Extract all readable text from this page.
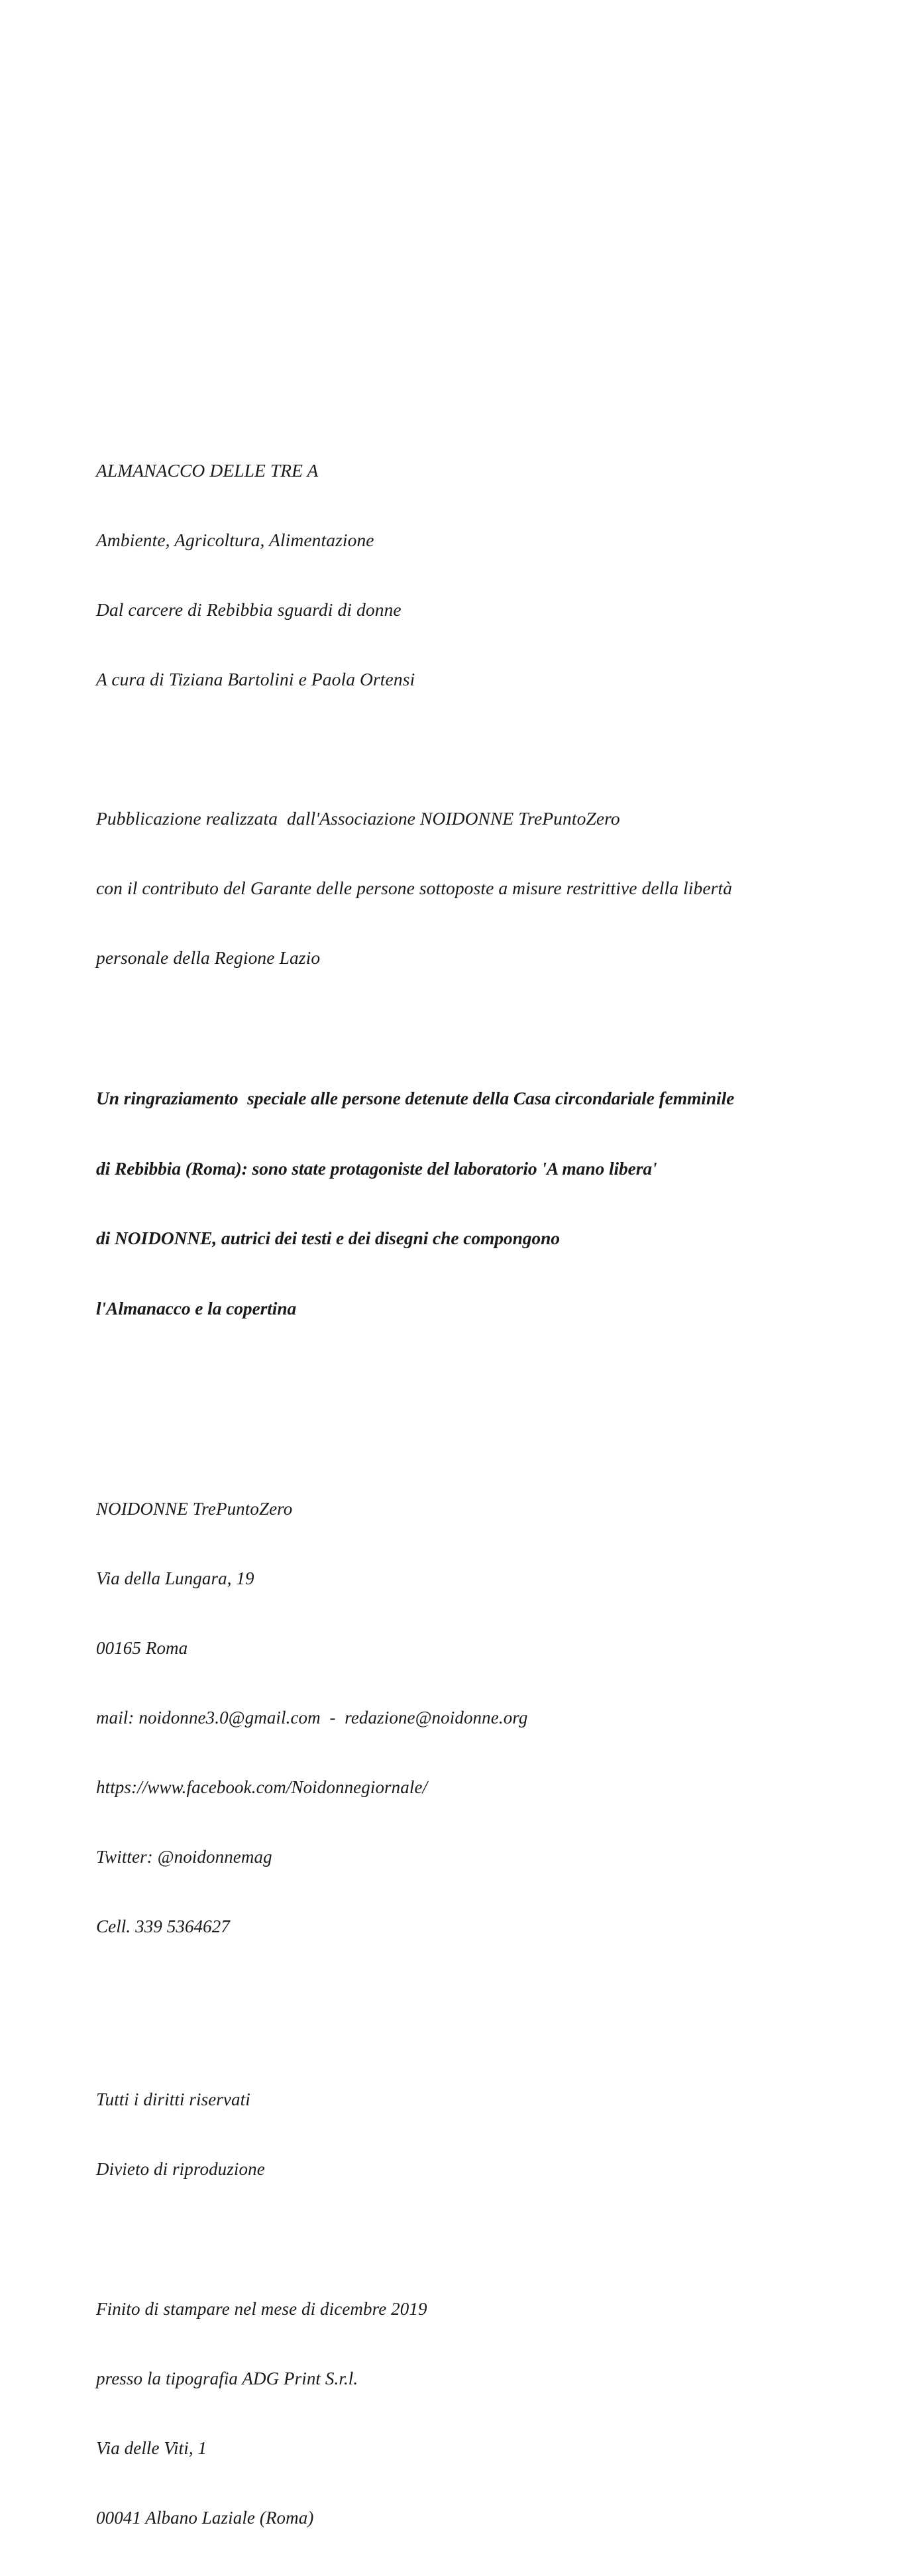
ALMANACCO DELLE TRE A

Ambiente, Agricoltura, Alimentazione

Dal carcere di Rebibbia sguardi di donne

A cura di Tiziana Bartolini e Paola Ortensi

Pubblicazione realizzata  dall'Associazione NOIDONNE TrePuntoZero

con il contributo del Garante delle persone sottoposte a misure restrittive della libertà

personale della Regione Lazio

Un ringraziamento  speciale alle persone detenute della Casa circondariale femminile

di Rebibbia (Roma): sono state protagoniste del laboratorio 'A mano libera'

di NOIDONNE, autrici dei testi e dei disegni che compongono

l'Almanacco e la copertina

NOIDONNE TrePuntoZero

Via della Lungara, 19

00165 Roma

mail: noidonne3.0@gmail.com  -  redazione@noidonne.org

https://www.facebook.com/Noidonnegiornale/

Twitter: @noidonnemag

Cell. 339 5364627

Tutti i diritti riservati

Divieto di riproduzione

Finito di stampare nel mese di dicembre 2019

presso la tipografia ADG Print S.r.l.

Via delle Viti, 1

00041 Albano Laziale (Roma)
